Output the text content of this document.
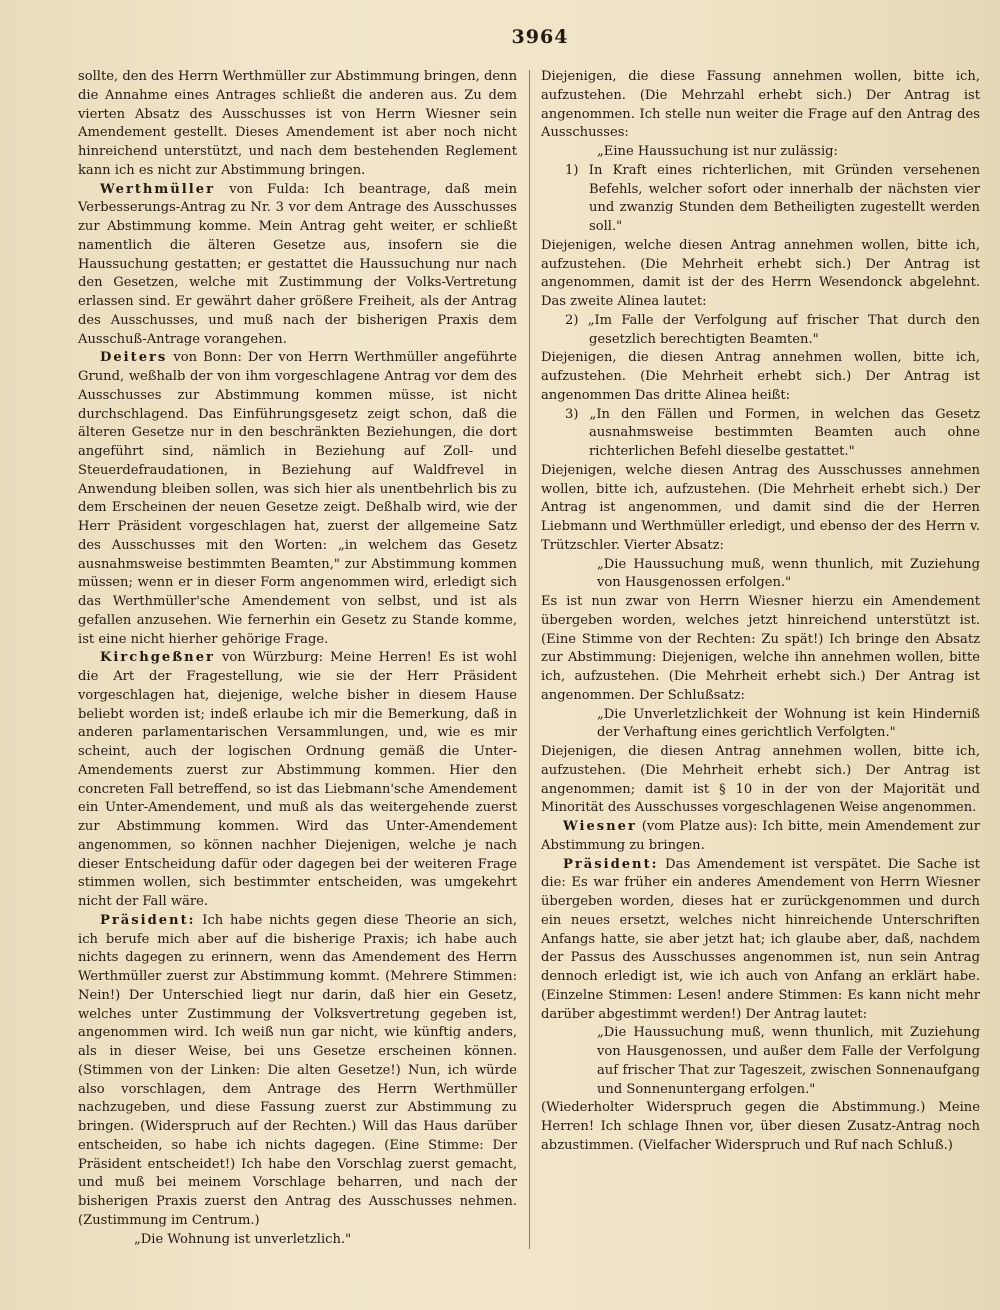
3964

sollte, den des Herrn Werthmüller zur Abstimmung bringen, denn die Annahme eines Antrages schließt die anderen aus. Zu dem vierten Absatz des Ausschusses ist von Herrn Wiesner sein Amendement gestellt. Dieses Amendement ist aber noch nicht hinreichend unterstützt, und nach dem bestehenden Reglement kann ich es nicht zur Abstimmung bringen.

Werthmüller von Fulda: Ich beantrage, daß mein Verbesserungs-Antrag zu Nr. 3 vor dem Antrage des Ausschusses zur Abstimmung komme. Mein Antrag geht weiter, er schließt namentlich die älteren Gesetze aus, insofern sie die Haussuchung gestatten; er gestattet die Haussuchung nur nach den Gesetzen, welche mit Zustimmung der Volks-Vertretung erlassen sind. Er gewährt daher größere Freiheit, als der Antrag des Ausschusses, und muß nach der bisherigen Praxis dem Ausschuß-Antrage vorangehen.

Deiters von Bonn: Der von Herrn Werthmüller angeführte Grund, weßhalb der von ihm vorgeschlagene Antrag vor dem des Ausschusses zur Abstimmung kommen müsse, ist nicht durchschlagend. Das Einführungsgesetz zeigt schon, daß die älteren Gesetze nur in den beschränkten Beziehungen, die dort angeführt sind, nämlich in Beziehung auf Zoll- und Steuerdefraudationen, in Beziehung auf Waldfrevel in Anwendung bleiben sollen, was sich hier als unentbehrlich bis zu dem Erscheinen der neuen Gesetze zeigt. Deßhalb wird, wie der Herr Präsident vorgeschlagen hat, zuerst der allgemeine Satz des Ausschusses mit den Worten: „in welchem das Gesetz ausnahmsweise bestimmten Beamten," zur Abstimmung kommen müssen; wenn er in dieser Form angenommen wird, erledigt sich das Werthmüller'sche Amendement von selbst, und ist als gefallen anzusehen. Wie fernerhin ein Gesetz zu Stande komme, ist eine nicht hierher gehörige Frage.

Kirchgeßner von Würzburg: Meine Herren! Es ist wohl die Art der Fragestellung, wie sie der Herr Präsident vorgeschlagen hat, diejenige, welche bisher in diesem Hause beliebt worden ist; indeß erlaube ich mir die Bemerkung, daß in anderen parlamentarischen Versammlungen, und, wie es mir scheint, auch der logischen Ordnung gemäß die Unter-Amendements zuerst zur Abstimmung kommen. Hier den concreten Fall betreffend, so ist das Liebmann'sche Amendement ein Unter-Amendement, und muß als das weitergehende zuerst zur Abstimmung kommen. Wird das Unter-Amendement angenommen, so können nachher Diejenigen, welche je nach dieser Entscheidung dafür oder dagegen bei der weiteren Frage stimmen wollen, sich bestimmter entscheiden, was umgekehrt nicht der Fall wäre.

Präsident: Ich habe nichts gegen diese Theorie an sich, ich berufe mich aber auf die bisherige Praxis; ich habe auch nichts dagegen zu erinnern, wenn das Amendement des Herrn Werthmüller zuerst zur Abstimmung kommt. (Mehrere Stimmen: Nein!) Der Unterschied liegt nur darin, daß hier ein Gesetz, welches unter Zustimmung der Volksvertretung gegeben ist, angenommen wird. Ich weiß nun gar nicht, wie künftig anders, als in dieser Weise, bei uns Gesetze erscheinen können. (Stimmen von der Linken: Die alten Gesetze!) Nun, ich würde also vorschlagen, dem Antrage des Herrn Werthmüller nachzugeben, und diese Fassung zuerst zur Abstimmung zu bringen. (Widerspruch auf der Rechten.) Will das Haus darüber entscheiden, so habe ich nichts dagegen. (Eine Stimme: Der Präsident entscheidet!) Ich habe den Vorschlag zuerst gemacht, und muß bei meinem Vorschlage beharren, und nach der bisherigen Praxis zuerst den Antrag des Ausschusses nehmen. (Zustimmung im Centrum.)

„Die Wohnung ist unverletzlich."

Diejenigen, die diese Fassung annehmen wollen, bitte ich, aufzustehen. (Die Mehrzahl erhebt sich.) Der Antrag ist angenommen. Ich stelle nun weiter die Frage auf den Antrag des Ausschusses:

„Eine Haussuchung ist nur zulässig:

1) In Kraft eines richterlichen, mit Gründen versehenen Befehls, welcher sofort oder innerhalb der nächsten vier und zwanzig Stunden dem Betheiligten zugestellt werden soll."

Diejenigen, welche diesen Antrag annehmen wollen, bitte ich, aufzustehen. (Die Mehrheit erhebt sich.) Der Antrag ist angenommen, damit ist der des Herrn Wesendonck abgelehnt. Das zweite Alinea lautet:

2) „Im Falle der Verfolgung auf frischer That durch den gesetzlich berechtigten Beamten."

Diejenigen, die diesen Antrag annehmen wollen, bitte ich, aufzustehen. (Die Mehrheit erhebt sich.) Der Antrag ist angenommen Das dritte Alinea heißt:

3) „In den Fällen und Formen, in welchen das Gesetz ausnahmsweise bestimmten Beamten auch ohne richterlichen Befehl dieselbe gestattet."

Diejenigen, welche diesen Antrag des Ausschusses annehmen wollen, bitte ich, aufzustehen. (Die Mehrheit erhebt sich.) Der Antrag ist angenommen, und damit sind die der Herren Liebmann und Werthmüller erledigt, und ebenso der des Herrn v. Trützschler. Vierter Absatz:

„Die Haussuchung muß, wenn thunlich, mit Zuziehung von Hausgenossen erfolgen."

Es ist nun zwar von Herrn Wiesner hierzu ein Amendement übergeben worden, welches jetzt hinreichend unterstützt ist. (Eine Stimme von der Rechten: Zu spät!) Ich bringe den Absatz zur Abstimmung: Diejenigen, welche ihn annehmen wollen, bitte ich, aufzustehen. (Die Mehrheit erhebt sich.) Der Antrag ist angenommen. Der Schlußsatz:

„Die Unverletzlichkeit der Wohnung ist kein Hinderniß der Verhaftung eines gerichtlich Verfolgten."

Diejenigen, die diesen Antrag annehmen wollen, bitte ich, aufzustehen. (Die Mehrheit erhebt sich.) Der Antrag ist angenommen; damit ist § 10 in der von der Majorität und Minorität des Ausschusses vorgeschlagenen Weise angenommen.

Wiesner (vom Platze aus): Ich bitte, mein Amendement zur Abstimmung zu bringen.

Präsident: Das Amendement ist verspätet. Die Sache ist die: Es war früher ein anderes Amendement von Herrn Wiesner übergeben worden, dieses hat er zurückgenommen und durch ein neues ersetzt, welches nicht hinreichende Unterschriften Anfangs hatte, sie aber jetzt hat; ich glaube aber, daß, nachdem der Passus des Ausschusses angenommen ist, nun sein Antrag dennoch erledigt ist, wie ich auch von Anfang an erklärt habe. (Einzelne Stimmen: Lesen! andere Stimmen: Es kann nicht mehr darüber abgestimmt werden!) Der Antrag lautet:

„Die Haussuchung muß, wenn thunlich, mit Zuziehung von Hausgenossen, und außer dem Falle der Verfolgung auf frischer That zur Tageszeit, zwischen Sonnenaufgang und Sonnenuntergang erfolgen."

(Wiederholter Widerspruch gegen die Abstimmung.) Meine Herren! Ich schlage Ihnen vor, über diesen Zusatz-Antrag noch abzustimmen. (Vielfacher Widerspruch und Ruf nach Schluß.)
